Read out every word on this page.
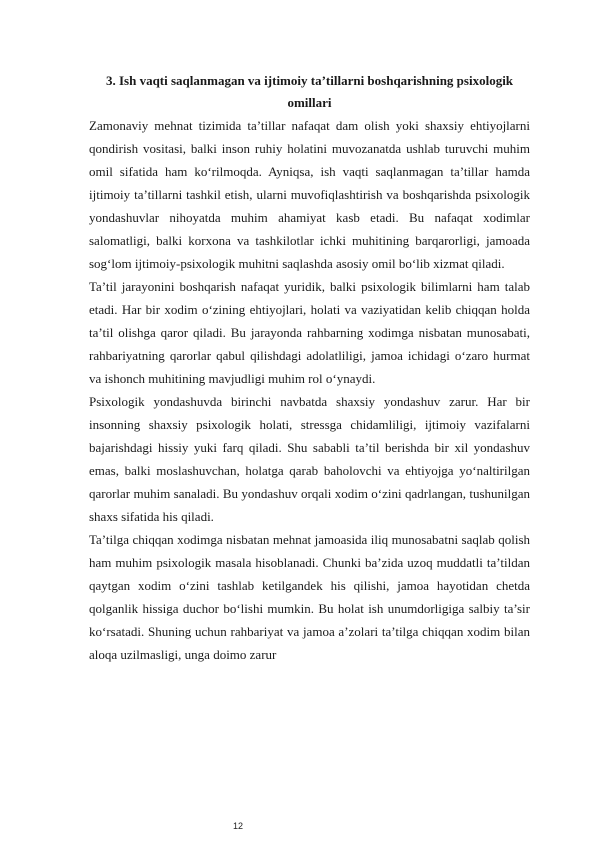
3. Ish vaqti saqlanmagan va ijtimoiy ta’tillarni boshqarishning psixologik omillari

Zamonaviy mehnat tizimida ta’tillar nafaqat dam olish yoki shaxsiy ehtiyojlarni qondirish vositasi, balki inson ruhiy holatini muvozanatda ushlab turuvchi muhim omil sifatida ham ko‘rilmoqda. Ayniqsa, ish vaqti saqlanmagan ta’tillar hamda ijtimoiy ta’tillarni tashkil etish, ularni muvofiqlashtirish va boshqarishda psixologik yondashuvlar nihoyatda muhim ahamiyat kasb etadi. Bu nafaqat xodimlar salomatligi, balki korxona va tashkilotlar ichki muhitining barqarorligi, jamoada sog‘lom ijtimoiy-psixologik muhitni saqlashda asosiy omil bo‘lib xizmat qiladi.

Ta’til jarayonini boshqarish nafaqat yuridik, balki psixologik bilimlarni ham talab etadi. Har bir xodim o‘zining ehtiyojlari, holati va vaziyatidan kelib chiqqan holda ta’til olishga qaror qiladi. Bu jarayonda rahbarning xodimga nisbatan munosabati, rahbariyatning qarorlar qabul qilishdagi adolatliligi, jamoa ichidagi o‘zaro hurmat va ishonch muhitining mavjudligi muhim rol o‘ynaydi.

Psixologik yondashuvda birinchi navbatda shaxsiy yondashuv zarur. Har bir insonning shaxsiy psixologik holati, stressga chidamliligi, ijtimoiy vazifalarni bajarishdagi hissiy yuki farq qiladi. Shu sababli ta’til berishda bir xil yondashuv emas, balki moslashuvchan, holatga qarab baholovchi va ehtiyojga yo‘naltirilgan qarorlar muhim sanaladi. Bu yondashuv orqali xodim o‘zini qadrlangan, tushunilgan shaxs sifatida his qiladi.

Ta’tilga chiqqan xodimga nisbatan mehnat jamoasida iliq munosabatni saqlab qolish ham muhim psixologik masala hisoblanadi. Chunki ba’zida uzoq muddatli ta’tildan qaytgan xodim o‘zini tashlab ketilgandek his qilishi, jamoa hayotidan chetda qolganlik hissiga duchor bo‘lishi mumkin. Bu holat ish unumdorligiga salbiy ta’sir ko‘rsatadi. Shuning uchun rahbariyat va jamoa a’zolari ta’tilga chiqqan xodim bilan aloqa uzilmasligi, unga doimo zarur

12
